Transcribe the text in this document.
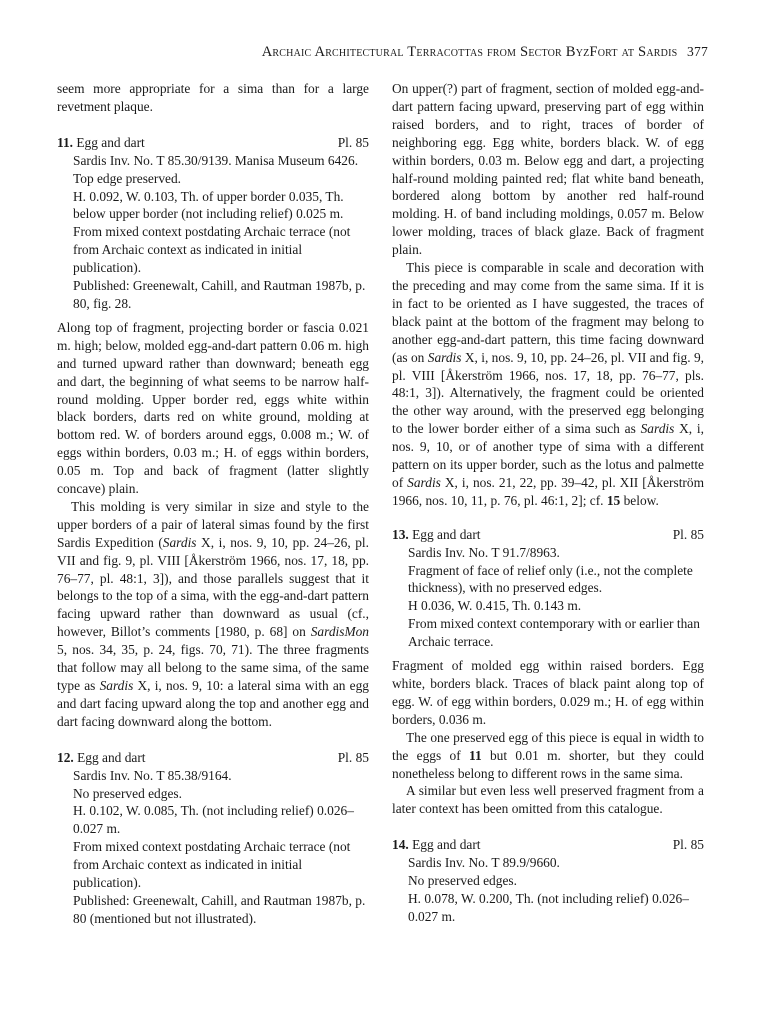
Archaic Architectural Terracottas from Sector ByzFort at Sardis 377

seem more appropriate for a sima than for a large revetment plaque.

11. Egg and dart	Pl. 85

Sardis Inv. No. T 85.30/9139. Manisa Museum 6426.

Top edge preserved.

H. 0.092, W. 0.103, Th. of upper border 0.035, Th. below upper border (not including relief) 0.025 m.

From mixed context postdating Archaic terrace (not from Archaic context as indicated in initial publication).

Published: Greenewalt, Cahill, and Rautman 1987b, p. 80, fig. 28.

Along top of fragment, projecting border or fascia 0.021 m. high; below, molded egg-and-dart pattern 0.06 m. high and turned upward rather than downward; beneath egg and dart, the beginning of what seems to be narrow half-round molding. Upper border red, eggs white within black borders, darts red on white ground, molding at bottom red. W. of borders around eggs, 0.008 m.; W. of eggs within borders, 0.03 m.; H. of eggs within borders, 0.05 m. Top and back of fragment (latter slightly concave) plain.

This molding is very similar in size and style to the upper borders of a pair of lateral simas found by the first Sardis Expedition (Sardis X, i, nos. 9, 10, pp. 24–26, pl. VII and fig. 9, pl. VIII [Åkerström 1966, nos. 17, 18, pp. 76–77, pl. 48:1, 3]), and those parallels suggest that it belongs to the top of a sima, with the egg-and-dart pattern facing upward rather than downward as usual (cf., however, Billot’s comments [1980, p. 68] on SardisMon 5, nos. 34, 35, p. 24, figs. 70, 71). The three fragments that follow may all belong to the same sima, of the same type as Sardis X, i, nos. 9, 10: a lateral sima with an egg and dart facing upward along the top and another egg and dart facing downward along the bottom.

12. Egg and dart	Pl. 85

Sardis Inv. No. T 85.38/9164.

No preserved edges.

H. 0.102, W. 0.085, Th. (not including relief) 0.026–0.027 m.

From mixed context postdating Archaic terrace (not from Archaic context as indicated in initial publication).

Published: Greenewalt, Cahill, and Rautman 1987b, p. 80 (mentioned but not illustrated).

On upper(?) part of fragment, section of molded egg-and-dart pattern facing upward, preserving part of egg within raised borders, and to right, traces of border of neighboring egg. Egg white, borders black. W. of egg within borders, 0.03 m. Below egg and dart, a projecting half-round molding painted red; flat white band beneath, bordered along bottom by another red half-round molding. H. of band including moldings, 0.057 m. Below lower molding, traces of black glaze. Back of fragment plain.

This piece is comparable in scale and decoration with the preceding and may come from the same sima. If it is in fact to be oriented as I have suggested, the traces of black paint at the bottom of the fragment may belong to another egg-and-dart pattern, this time facing downward (as on Sardis X, i, nos. 9, 10, pp. 24–26, pl. VII and fig. 9, pl. VIII [Åkerström 1966, nos. 17, 18, pp. 76–77, pls. 48:1, 3]). Alternatively, the fragment could be oriented the other way around, with the preserved egg belonging to the lower border either of a sima such as Sardis X, i, nos. 9, 10, or of another type of sima with a different pattern on its upper border, such as the lotus and palmette of Sardis X, i, nos. 21, 22, pp. 39–42, pl. XII [Åkerström 1966, nos. 10, 11, p. 76, pl. 46:1, 2]; cf. 15 below.

13. Egg and dart	Pl. 85

Sardis Inv. No. T 91.7/8963.

Fragment of face of relief only (i.e., not the complete thickness), with no preserved edges.

H 0.036, W. 0.415, Th. 0.143 m.

From mixed context contemporary with or earlier than Archaic terrace.

Fragment of molded egg within raised borders. Egg white, borders black. Traces of black paint along top of egg. W. of egg within borders, 0.029 m.; H. of egg within borders, 0.036 m.

The one preserved egg of this piece is equal in width to the eggs of 11 but 0.01 m. shorter, but they could nonetheless belong to different rows in the same sima.

A similar but even less well preserved fragment from a later context has been omitted from this catalogue.

14. Egg and dart	Pl. 85

Sardis Inv. No. T 89.9/9660.

No preserved edges.

H. 0.078, W. 0.200, Th. (not including relief) 0.026–0.027 m.
